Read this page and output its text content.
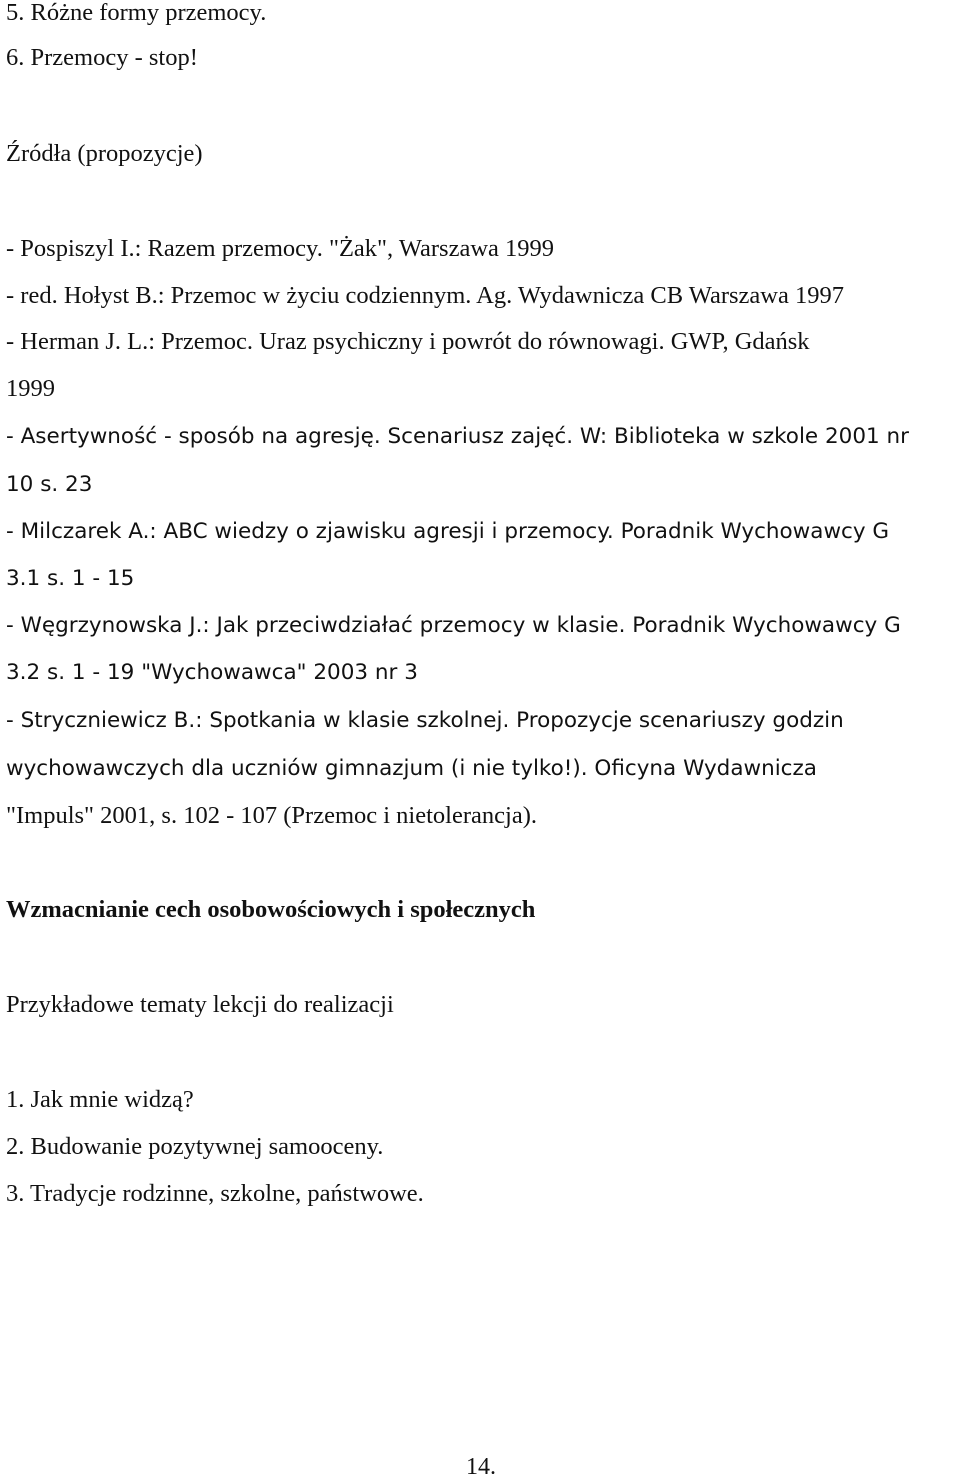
5. Różne formy przemocy.
6. Przemocy - stop!
Źródła (propozycje)
- Pospiszyl I.: Razem przemocy. "Żak", Warszawa 1999
- red. Hołyst B.: Przemoc w życiu codziennym. Ag. Wydawnicza CB Warszawa 1997
- Herman J. L.: Przemoc. Uraz psychiczny i powrót do równowagi. GWP, Gdańsk
1999
- Asertywność - sposób na agresję. Scenariusz zajęć. W: Biblioteka w szkole 2001 nr
10 s. 23
- Milczarek A.: ABC wiedzy o zjawisku agresji i przemocy. Poradnik Wychowawcy G
3.1 s. 1 - 15
- Węgrzynowska J.: Jak przeciwdziałać przemocy w klasie. Poradnik Wychowawcy G
3.2 s. 1 - 19 "Wychowawca" 2003 nr 3
- Stryczniewicz B.: Spotkania w klasie szkolnej. Propozycje scenariuszy godzin
wychowawczych dla uczniów gimnazjum (i nie tylko!). Oficyna Wydawnicza
"Impuls" 2001, s. 102 - 107 (Przemoc i nietolerancja).
Wzmacnianie cech osobowościowych i społecznych
Przykładowe tematy lekcji do realizacji
1. Jak mnie widzą?
2. Budowanie pozytywnej samooceny.
3. Tradycje rodzinne, szkolne, państwowe.
14.
